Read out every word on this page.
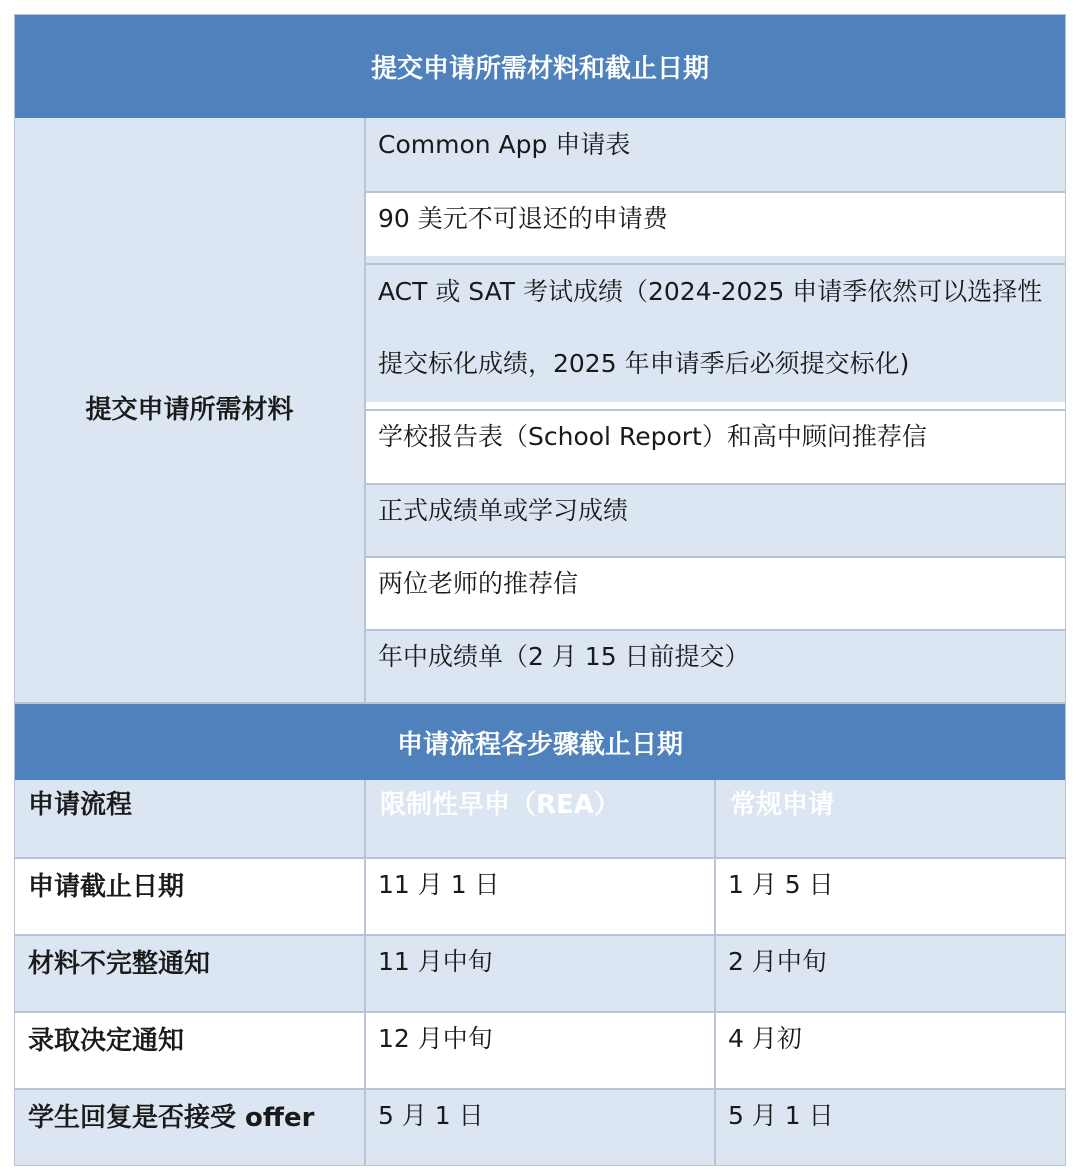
提交申请所需材料和截止日期
提交申请所需材料
Common App 申请表
90 美元不可退还的申请费
ACT 或 SAT 考试成绩（2024-2025 申请季依然可以选择性提交标化成绩，2025 年申请季后必须提交标化)
学校报告表（School Report）和高中顾问推荐信
正式成绩单或学习成绩
两位老师的推荐信
年中成绩单（2 月 15 日前提交）
申请流程各步骤截止日期
申请流程	限制性早申（REA）	常规申请
申请截止日期	11 月 1 日	1 月 5 日
材料不完整通知	11 月中旬	2 月中旬
录取决定通知	12 月中旬	4 月初
学生回复是否接受 offer	5 月 1 日	5 月 1 日
